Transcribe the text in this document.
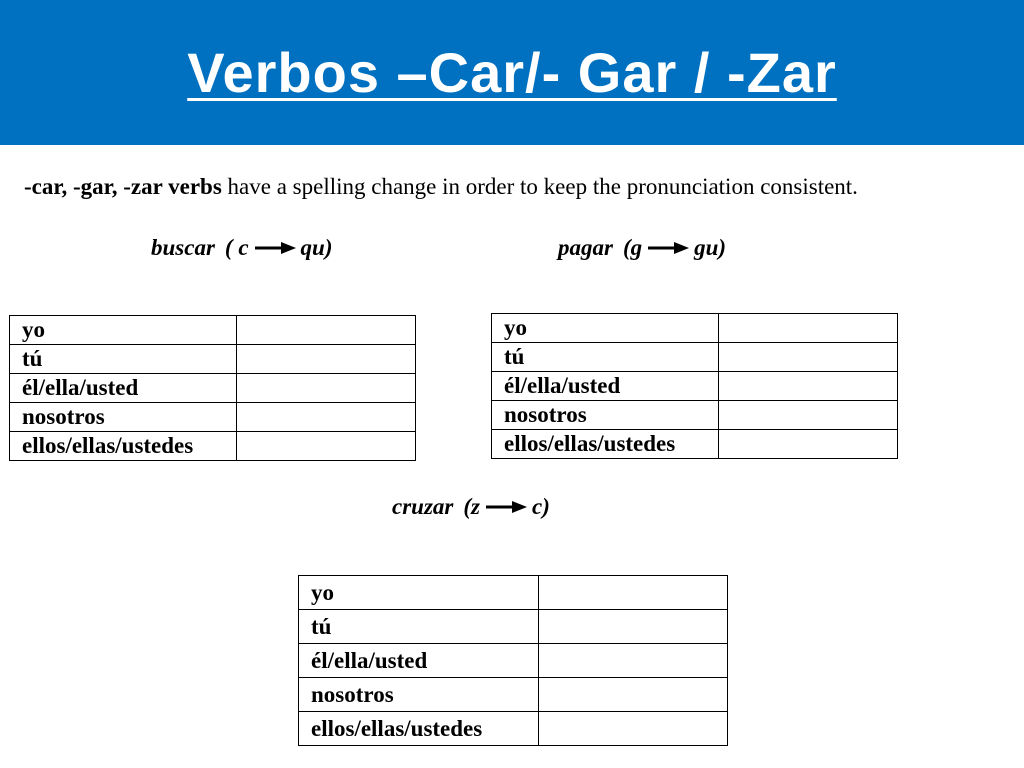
Verbos –Car/- Gar / -Zar
-car, -gar, -zar verbs have a spelling change in order to keep the pronunciation consistent.
buscar ( c qu)	pagar (g gu)
yo	
tú	
él/ella/usted	
nosotros	
ellos/ellas/ustedes	
yo	
tú	
él/ella/usted	
nosotros	
ellos/ellas/ustedes	
cruzar (z c)
yo	
tú	
él/ella/usted	
nosotros	
ellos/ellas/ustedes	
